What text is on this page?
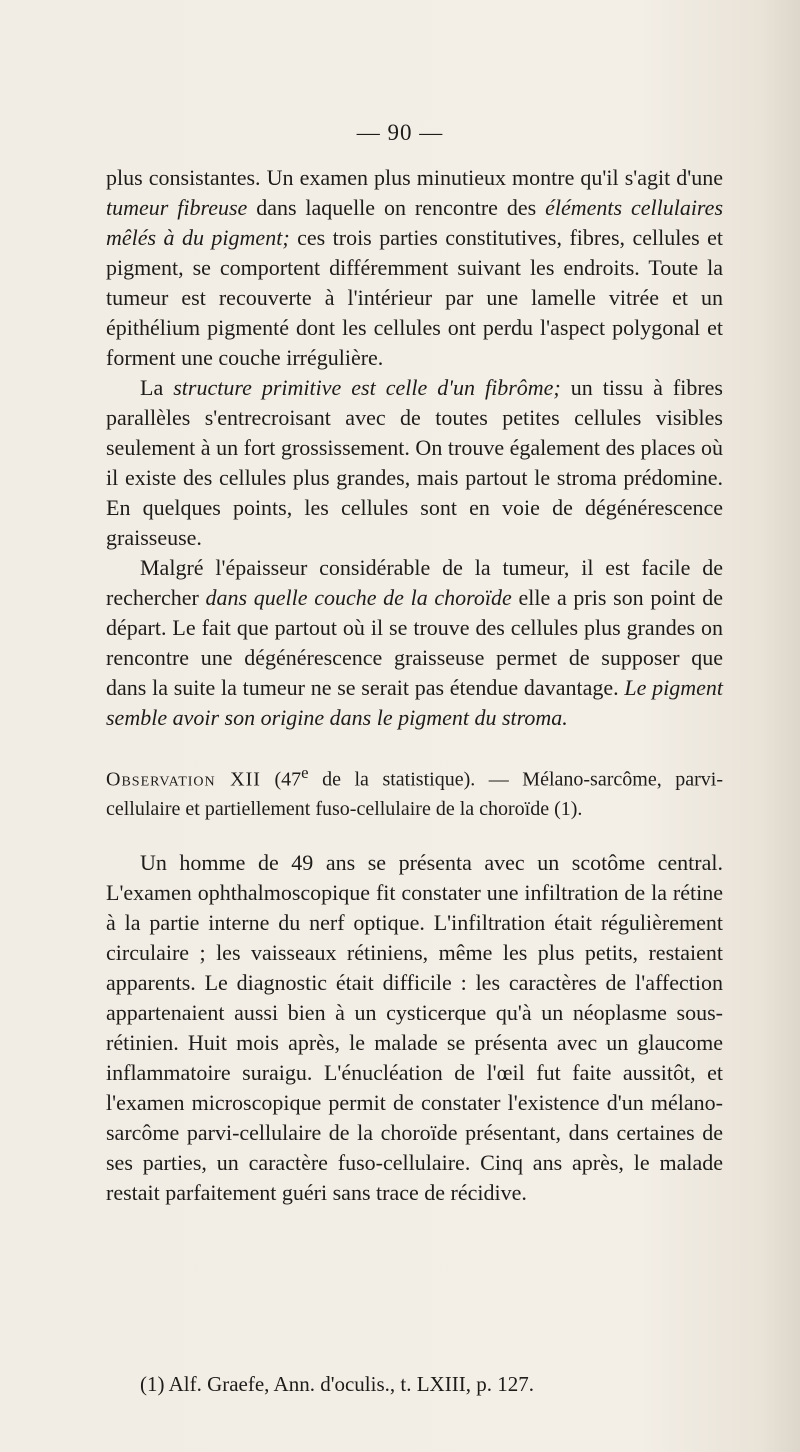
— 90 —

plus consistantes. Un examen plus minutieux montre qu'il s'agit d'une tumeur fibreuse dans laquelle on rencontre des éléments cellulaires mêlés à du pigment; ces trois parties constitutives, fibres, cellules et pigment, se comportent différemment suivant les endroits. Toute la tumeur est recouverte à l'intérieur par une lamelle vitrée et un épithélium pigmenté dont les cellules ont perdu l'aspect polygonal et forment une couche irrégulière.

La structure primitive est celle d'un fibrôme; un tissu à fibres parallèles s'entrecroisant avec de toutes petites cellules visibles seulement à un fort grossissement. On trouve également des places où il existe des cellules plus grandes, mais partout le stroma prédomine. En quelques points, les cellules sont en voie de dégénérescence graisseuse.

Malgré l'épaisseur considérable de la tumeur, il est facile de rechercher dans quelle couche de la choroïde elle a pris son point de départ. Le fait que partout où il se trouve des cellules plus grandes on rencontre une dégénérescence graisseuse permet de supposer que dans la suite la tumeur ne se serait pas étendue davantage. Le pigment semble avoir son origine dans le pigment du stroma.

Observation XII (47e de la statistique). — Mélano-sarcôme, parvi-cellulaire et partiellement fuso-cellulaire de la choroïde (1).

Un homme de 49 ans se présenta avec un scotôme central. L'examen ophthalmoscopique fit constater une infiltration de la rétine à la partie interne du nerf optique. L'infiltration était régulièrement circulaire ; les vaisseaux rétiniens, même les plus petits, restaient apparents. Le diagnostic était difficile : les caractères de l'affection appartenaient aussi bien à un cysticerque qu'à un néoplasme sous-rétinien. Huit mois après, le malade se présenta avec un glaucome inflammatoire suraigu. L'énucléation de l'œil fut faite aussitôt, et l'examen microscopique permit de constater l'existence d'un mélano-sarcôme parvi-cellulaire de la choroïde présentant, dans certaines de ses parties, un caractère fuso-cellulaire. Cinq ans après, le malade restait parfaitement guéri sans trace de récidive.

(1) Alf. Graefe, Ann. d'oculis., t. LXIII, p. 127.
